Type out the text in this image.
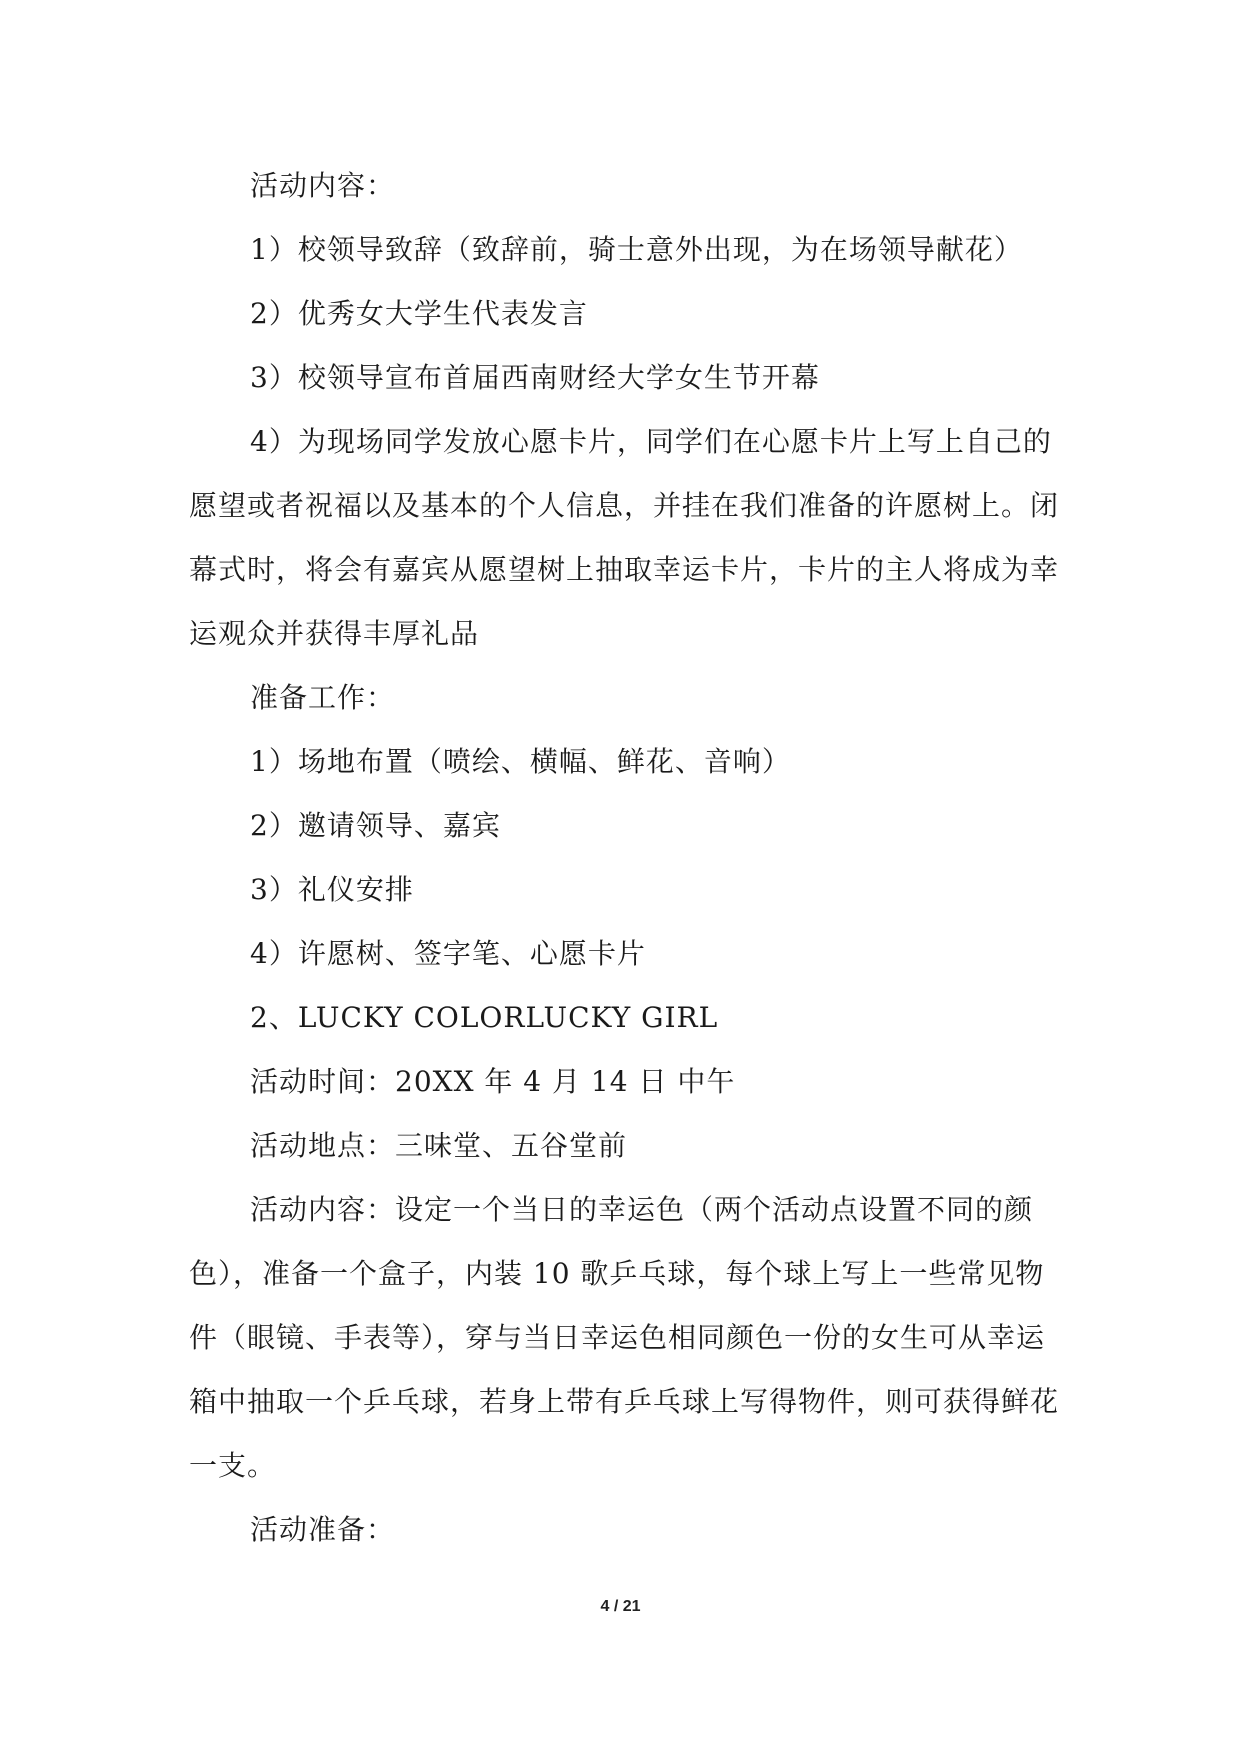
活动内容：

1）校领导致辞（致辞前，骑士意外出现，为在场领导献花）

2）优秀女大学生代表发言

3）校领导宣布首届西南财经大学女生节开幕

4）为现场同学发放心愿卡片，同学们在心愿卡片上写上自己的愿望或者祝福以及基本的个人信息，并挂在我们准备的许愿树上。闭幕式时，将会有嘉宾从愿望树上抽取幸运卡片，卡片的主人将成为幸运观众并获得丰厚礼品

准备工作：

1）场地布置（喷绘、横幅、鲜花、音响）

2）邀请领导、嘉宾

3）礼仪安排

4）许愿树、签字笔、心愿卡片

2、LUCKY COLORLUCKY GIRL

活动时间：20XX 年 4 月 14 日 中午

活动地点：三味堂、五谷堂前

活动内容：设定一个当日的幸运色（两个活动点设置不同的颜色），准备一个盒子，内装 10 歌乒乓球，每个球上写上一些常见物件（眼镜、手表等），穿与当日幸运色相同颜色一份的女生可从幸运箱中抽取一个乒乓球，若身上带有乒乓球上写得物件，则可获得鲜花一支。

活动准备：

4 / 21
